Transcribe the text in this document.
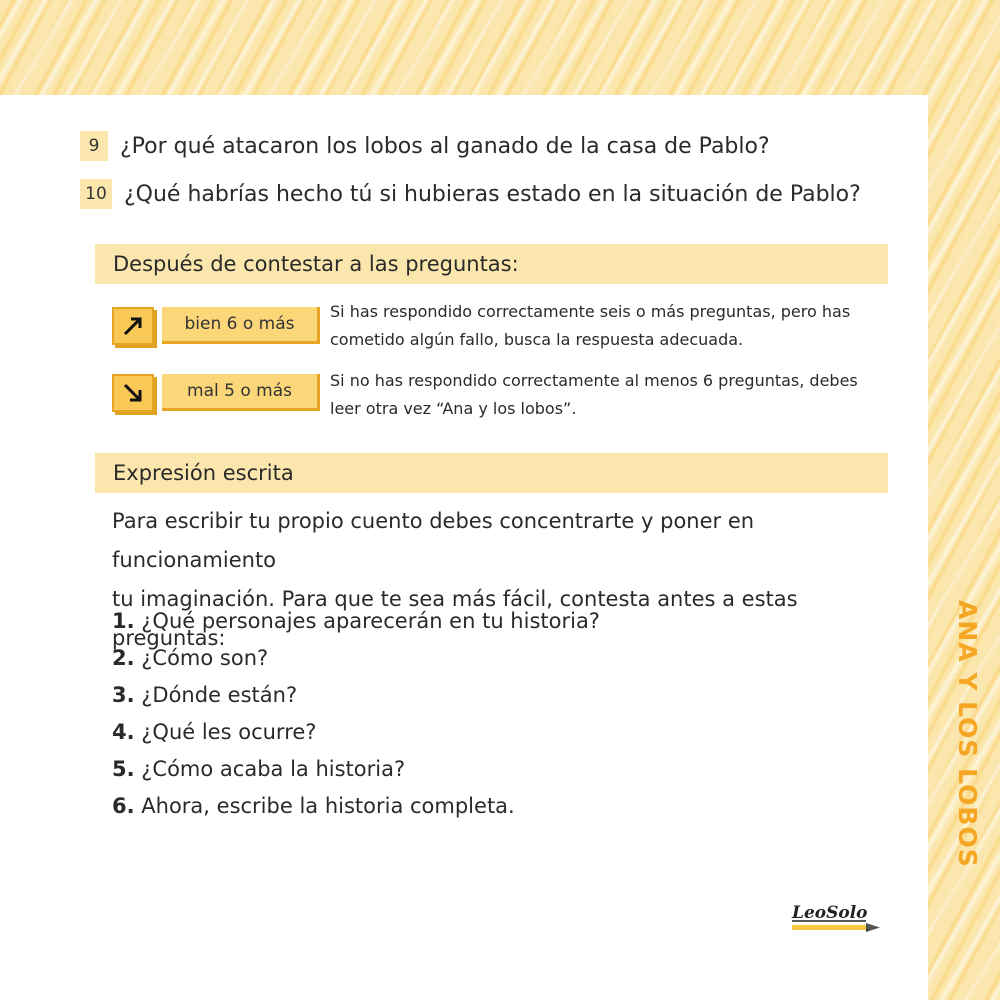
ANA Y LOS LOBOS
9 ¿Por qué atacaron los lobos al ganado de la casa de Pablo?
10 ¿Qué habrías hecho tú si hubieras estado en la situación de Pablo?
Después de contestar a las preguntas:
bien 6 o más
Si has respondido correctamente seis o más preguntas, pero has
cometido algún fallo, busca la respuesta adecuada.
mal 5 o más
Si no has respondido correctamente al menos 6 preguntas, debes
leer otra vez “Ana y los lobos”.
Expresión escrita
Para escribir tu propio cuento debes concentrarte y poner en funcionamiento
tu imaginación. Para que te sea más fácil, contesta antes a estas preguntas:
1. ¿Qué personajes aparecerán en tu historia?
2. ¿Cómo son?
3. ¿Dónde están?
4. ¿Qué les ocurre?
5. ¿Cómo acaba la historia?
6. Ahora, escribe la historia completa.
LeoSolo
